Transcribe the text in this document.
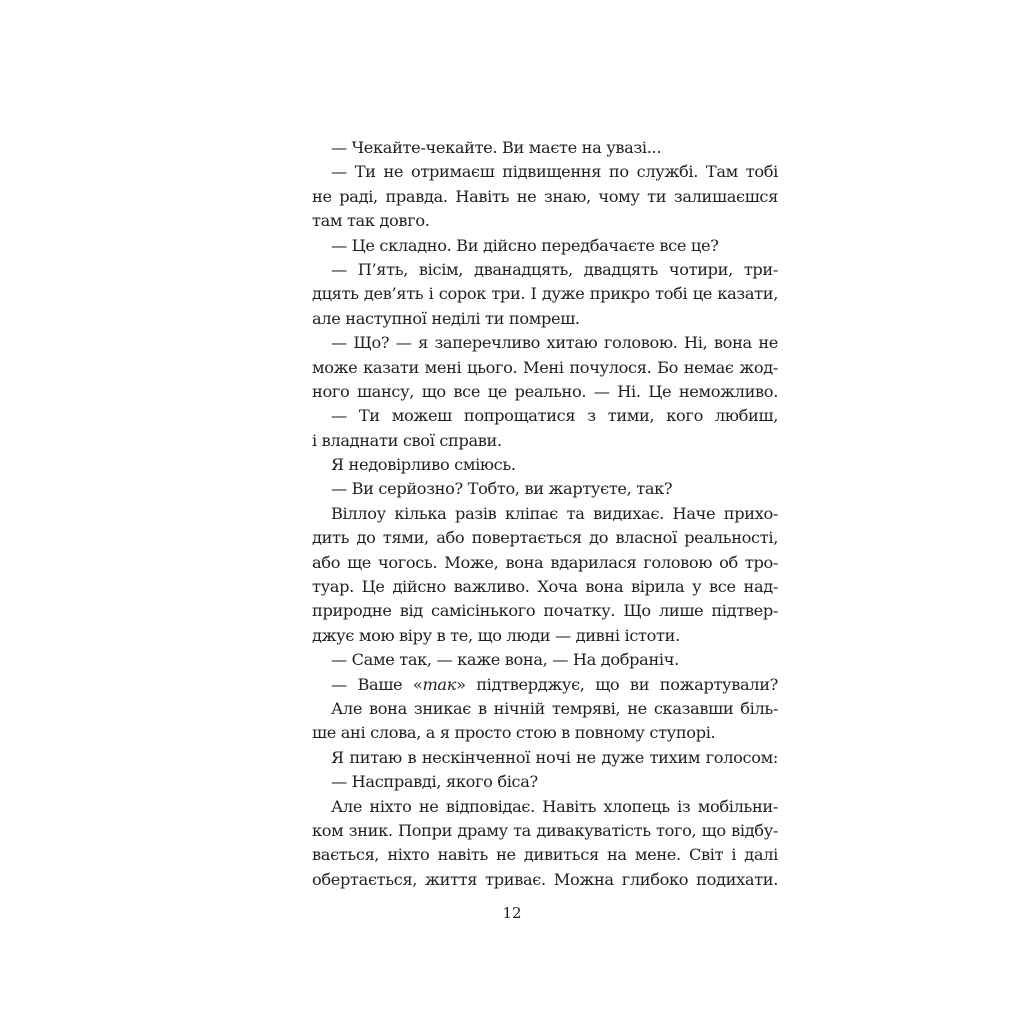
— Чекайте-чекайте. Ви маєте на увазі...
— Ти не отримаєш підвищення по службі. Там тобі
не раді, правда. Навіть не знаю, чому ти залишаєшся
там так довго.
— Це складно. Ви дійсно передбачаєте все це?
— П’ять, вісім, дванадцять, двадцять чотири, три-
дцять дев’ять і сорок три. І дуже прикро тобі це казати,
але наступної неділі ти помреш.
— Що? — я заперечливо хитаю головою. Ні, вона не
може казати мені цього. Мені почулося. Бо немає жод-
ного шансу, що все це реально. — Ні. Це неможливо.
— Ти можеш попрощатися з тими, кого любиш,
і владнати свої справи.
Я недовірливо сміюсь.
— Ви серйозно? Тобто, ви жартуєте, так?
Віллоу кілька разів кліпає та видихає. Наче прихо-
дить до тями, або повертається до власної реальності,
або ще чогось. Може, вона вдарилася головою об тро-
туар. Це дійсно важливо. Хоча вона вірила у все над-
природне від самісінького початку. Що лише підтвер-
джує мою віру в те, що люди — дивні істоти.
— Саме так, — каже вона, — На добраніч.
— Ваше «так» підтверджує, що ви пожартували?
Але вона зникає в нічній темряві, не сказавши біль-
ше ані слова, а я просто стою в повному ступорі.
Я питаю в нескінченної ночі не дуже тихим голосом:
— Насправді, якого біса?
Але ніхто не відповідає. Навіть хлопець із мобільни-
ком зник. Попри драму та дивакуватість того, що відбу-
вається, ніхто навіть не дивиться на мене. Світ і далі
обертається, життя триває. Можна глибоко подихати.
12
